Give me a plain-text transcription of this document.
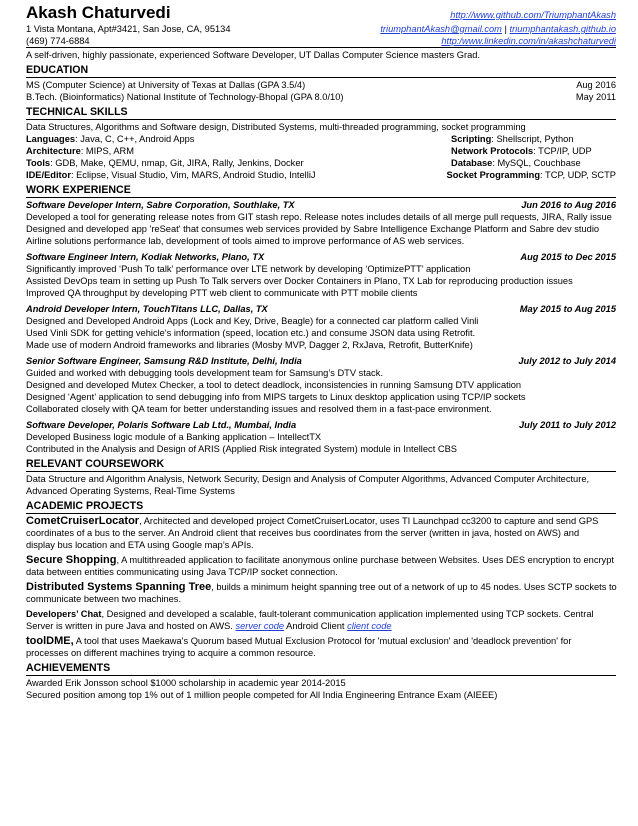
Akash Chaturvedi	http://www.github.com/TriumphantAkash
1 Vista Montana, Apt#3421, San Jose, CA, 95134	triumphantAkash@gmail.com | triumphantakash.github.io
(469) 774-6884	http:/www.linkedin.com/in/akashchaturvedi
A self-driven, highly passionate, experienced Software Developer, UT Dallas Computer Science masters Grad.
EDUCATION
MS (Computer Science) at University of Texas at Dallas (GPA 3.5/4)	Aug 2016
B.Tech. (Bioinformatics) National Institute of Technology-Bhopal (GPA 8.0/10)	May 2011
TECHNICAL SKILLS
Data Structures, Algorithms and Software design, Distributed Systems, multi-threaded programming, socket programming
Languages: Java, C, C++, Android Apps	Scripting: Shellscript, Python
Architecture: MIPS, ARM	Network Protocols: TCP/IP, UDP
Tools: GDB, Make, QEMU, nmap, Git, JIRA, Rally, Jenkins, Docker	Database: MySQL, Couchbase
IDE/Editor: Eclipse, Visual Studio, Vim, MARS, Android Studio, IntelliJ	Socket Programming: TCP, UDP, SCTP
WORK EXPERIENCE
Software Developer Intern, Sabre Corporation, Southlake, TX	Jun 2016 to Aug 2016
Developed a tool for generating release notes from GIT stash repo. Release notes includes details of all merge pull requests, JIRA, Rally issue
Designed and developed app 'reSeat' that consumes web services provided by Sabre Intelligence Exchange Platform and Sabre dev studio
Airline solutions performance lab, development of tools aimed to improve performance of AS web services.
Software Engineer Intern, Kodiak Networks, Plano, TX	Aug 2015 to Dec 2015
Significantly improved ‘Push To talk’ performance over LTE network by developing ‘OptimizePTT’ application
Assisted DevOps team in setting up Push To Talk servers over Docker Containers in Plano, TX Lab for reproducing production issues
Improved QA throughput by developing PTT web client to communicate with PTT mobile clients
Android Developer Intern, TouchTitans LLC, Dallas, TX	May 2015 to Aug 2015
Designed and Developed Android Apps (Lock and Key, Drive, Beagle) for a connected car platform called Vinli
Used Vinli SDK for getting vehicle's information (speed, location etc.) and consume JSON data using Retrofit.
Made use of modern Android frameworks and libraries (Mosby MVP, Dagger 2, RxJava, Retrofit, ButterKnife)
Senior Software Engineer, Samsung R&D Institute, Delhi, India	July 2012 to July 2014
Guided and worked with debugging tools development team for Samsung’s DTV stack.
Designed and developed Mutex Checker, a tool to detect deadlock, inconsistencies in running Samsung DTV application
Designed ‘Agent’ application to send debugging info from MIPS targets to Linux desktop application using TCP/IP sockets
Collaborated closely with QA team for better understanding issues and resolved them in a fast-pace environment.
Software Developer, Polaris Software Lab Ltd., Mumbai, India	July 2011 to July 2012
Developed Business logic module of a Banking application – IntellectTX
Contributed in the Analysis and Design of ARIS (Applied Risk integrated System) module in Intellect CBS
RELEVANT COURSEWORK
Data Structure and Algorithm Analysis, Network Security, Design and Analysis of Computer Algorithms, Advanced Computer Architecture,
Advanced Operating Systems, Real-Time Systems
ACADEMIC PROJECTS
CometCruiserLocator, Architected and developed project CometCruiserLocator, uses TI Launchpad cc3200 to capture and send GPS
coordinates of a bus to the server. An Android client that receives bus coordinates from the server (written in java, hosted on AWS) and
display bus location and ETA using Google map’s APIs.
Secure Shopping, A multithreaded application to facilitate anonymous online purchase between Websites. Uses DES encryption to encrypt
data between entities communicating using Java TCP/IP socket connection.
Distributed Systems Spanning Tree, builds a minimum height spanning tree out of a network of up to 45 nodes. Uses SCTP sockets to
communicate between two machines.
Developers’ Chat, Designed and developed a scalable, fault-tolerant communication application implemented using TCP sockets. Central
Server is written in pure Java and hosted on AWS. server code Android Client client code
toolDME, A tool that uses Maekawa's Quorum based Mutual Exclusion Protocol for 'mutual exclusion' and 'deadlock prevention' for
processes on different machines trying to acquire a common resource.
ACHIEVEMENTS
Awarded Erik Jonsson school $1000 scholarship in academic year 2014-2015
Secured position among top 1% out of 1 million people competed for All India Engineering Entrance Exam (AIEEE)
